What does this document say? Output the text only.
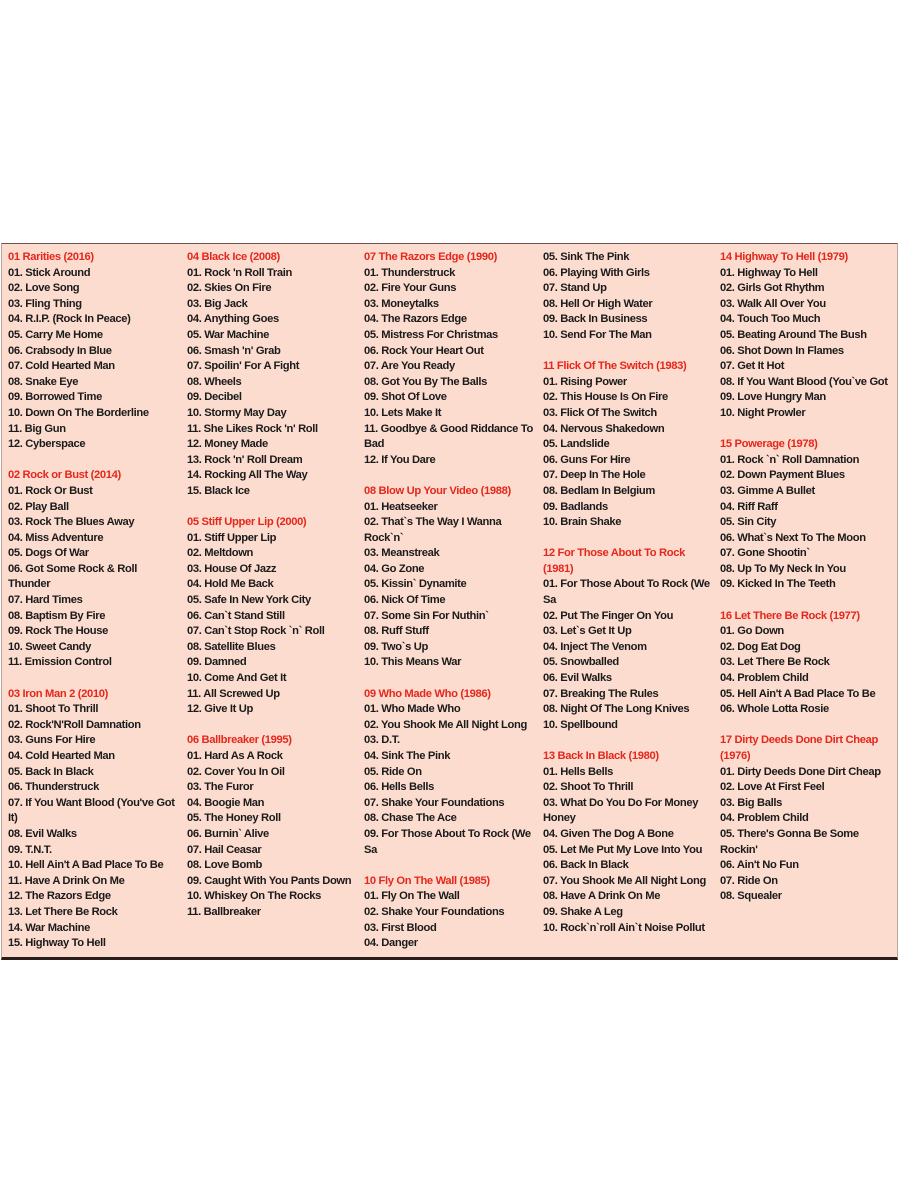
01 Rarities (2016)
01. Stick Around
02. Love Song
03. Fling Thing
04. R.I.P. (Rock In Peace)
05. Carry Me Home
06. Crabsody In Blue
07. Cold Hearted Man
08. Snake Eye
09. Borrowed Time
10. Down On The Borderline
11. Big Gun
12. Cyberspace
02 Rock or Bust (2014)
01. Rock Or Bust
02. Play Ball
03. Rock The Blues Away
04. Miss Adventure
05. Dogs Of War
06. Got Some Rock & Roll Thunder
07. Hard Times
08. Baptism By Fire
09. Rock The House
10. Sweet Candy
11. Emission Control
03 Iron Man 2 (2010)
01. Shoot To Thrill
02. Rock'N'Roll Damnation
03. Guns For Hire
04. Cold Hearted Man
05. Back In Black
06. Thunderstruck
07. If You Want Blood (You've Got It)
08. Evil Walks
09. T.N.T.
10. Hell Ain't A Bad Place To Be
11. Have A Drink On Me
12. The Razors Edge
13. Let There Be Rock
14. War Machine
15. Highway To Hell
04 Black Ice (2008)
01. Rock 'n Roll Train
02. Skies On Fire
03. Big Jack
04. Anything Goes
05. War Machine
06. Smash 'n' Grab
07. Spoilin' For A Fight
08. Wheels
09. Decibel
10. Stormy May Day
11. She Likes Rock 'n' Roll
12. Money Made
13. Rock 'n' Roll Dream
14. Rocking All The Way
15. Black Ice
05 Stiff Upper Lip (2000)
01. Stiff Upper Lip
02. Meltdown
03. House Of Jazz
04. Hold Me Back
05. Safe In New York City
06. Can`t Stand Still
07. Can`t Stop Rock `n` Roll
08. Satellite Blues
09. Damned
10. Come And Get It
11. All Screwed Up
12. Give It Up
06 Ballbreaker (1995)
01. Hard As A Rock
02. Cover You In Oil
03. The Furor
04. Boogie Man
05. The Honey Roll
06. Burnin` Alive
07. Hail Ceasar
08. Love Bomb
09. Caught With You Pants Down
10. Whiskey On The Rocks
11. Ballbreaker
07 The Razors Edge (1990)
01. Thunderstruck
02. Fire Your Guns
03. Moneytalks
04. The Razors Edge
05. Mistress For Christmas
06. Rock Your Heart Out
07. Are You Ready
08. Got You By The Balls
09. Shot Of Love
10. Lets Make It
11. Goodbye & Good Riddance To Bad
12. If You Dare
08 Blow Up Your Video (1988)
01. Heatseeker
02. That`s The Way I Wanna Rock`n`
03. Meanstreak
04. Go Zone
05. Kissin` Dynamite
06. Nick Of Time
07. Some Sin For Nuthin`
08. Ruff Stuff
09. Two`s Up
10. This Means War
09 Who Made Who (1986)
01. Who Made Who
02. You Shook Me All Night Long
03. D.T.
04. Sink The Pink
05. Ride On
06. Hells Bells
07. Shake Your Foundations
08. Chase The Ace
09. For Those About To Rock (We Sa
10 Fly On The Wall (1985)
01. Fly On The Wall
02. Shake Your Foundations
03. First Blood
04. Danger
05. Sink The Pink
06. Playing With Girls
07. Stand Up
08. Hell Or High Water
09. Back In Business
10. Send For The Man
11 Flick Of The Switch (1983)
01. Rising Power
02. This House Is On Fire
03. Flick Of The Switch
04. Nervous Shakedown
05. Landslide
06. Guns For Hire
07. Deep In The Hole
08. Bedlam In Belgium
09. Badlands
10. Brain Shake
12 For Those About To Rock (1981)
01. For Those About To Rock (We Sa
02. Put The Finger On You
03. Let`s Get It Up
04. Inject The Venom
05. Snowballed
06. Evil Walks
07. Breaking The Rules
08. Night Of The Long Knives
10. Spellbound
13 Back In Black (1980)
01. Hells Bells
02. Shoot To Thrill
03. What Do You Do For Money Honey
04. Given The Dog A Bone
05. Let Me Put My Love Into You
06. Back In Black
07. You Shook Me All Night Long
08. Have A Drink On Me
09. Shake A Leg
10. Rock`n`roll Ain`t Noise Pollut
14 Highway To Hell (1979)
01. Highway To Hell
02. Girls Got Rhythm
03. Walk All Over You
04. Touch Too Much
05. Beating Around The Bush
06. Shot Down In Flames
07. Get It Hot
08. If You Want Blood (You`ve Got
09. Love Hungry Man
10. Night Prowler
15 Powerage (1978)
01. Rock `n` Roll Damnation
02. Down Payment Blues
03. Gimme A Bullet
04. Riff Raff
05. Sin City
06. What`s Next To The Moon
07. Gone Shootin`
08. Up To My Neck In You
09. Kicked In The Teeth
16 Let There Be Rock (1977)
01. Go Down
02. Dog Eat Dog
03. Let There Be Rock
04. Problem Child
05. Hell Ain't A Bad Place To Be
06. Whole Lotta Rosie
17 Dirty Deeds Done Dirt Cheap (1976)
01. Dirty Deeds Done Dirt Cheap
02. Love At First Feel
03. Big Balls
04. Problem Child
05. There's Gonna Be Some Rockin'
06. Ain't No Fun
07. Ride On
08. Squealer
